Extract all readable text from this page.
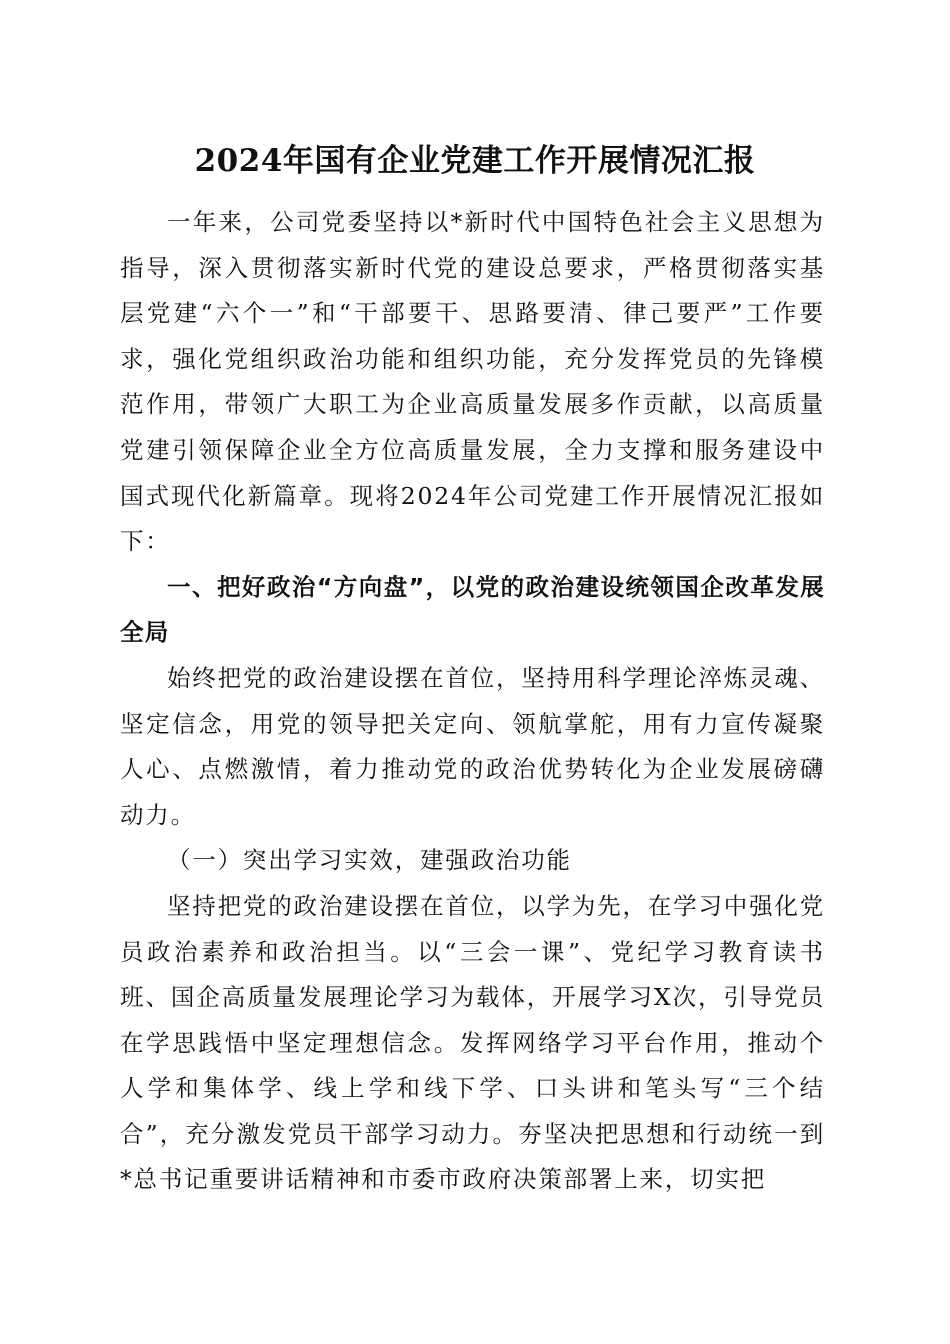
2024年国有企业党建工作开展情况汇报

一年来，公司党委坚持以*新时代中国特色社会主义思想为指导，深入贯彻落实新时代党的建设总要求，严格贯彻落实基层党建“六个一”和“干部要干、思路要清、律己要严”工作要求，强化党组织政治功能和组织功能，充分发挥党员的先锋模范作用，带领广大职工为企业高质量发展多作贡献，以高质量党建引领保障企业全方位高质量发展，全力支撑和服务建设中国式现代化新篇章。现将2024年公司党建工作开展情况汇报如下：

一、把好政治“方向盘”，以党的政治建设统领国企改革发展全局

始终把党的政治建设摆在首位，坚持用科学理论淬炼灵魂、坚定信念，用党的领导把关定向、领航掌舵，用有力宣传凝聚人心、点燃激情，着力推动党的政治优势转化为企业发展磅礴动力。

（一）突出学习实效，建强政治功能

坚持把党的政治建设摆在首位，以学为先，在学习中强化党员政治素养和政治担当。以“三会一课”、党纪学习教育读书班、国企高质量发展理论学习为载体，开展学习X次，引导党员在学思践悟中坚定理想信念。发挥网络学习平台作用，推动个人学和集体学、线上学和线下学、口头讲和笔头写“三个结合”，充分激发党员干部学习动力。夯坚决把思想和行动统一到*总书记重要讲话精神和市委市政府决策部署上来，切实把
